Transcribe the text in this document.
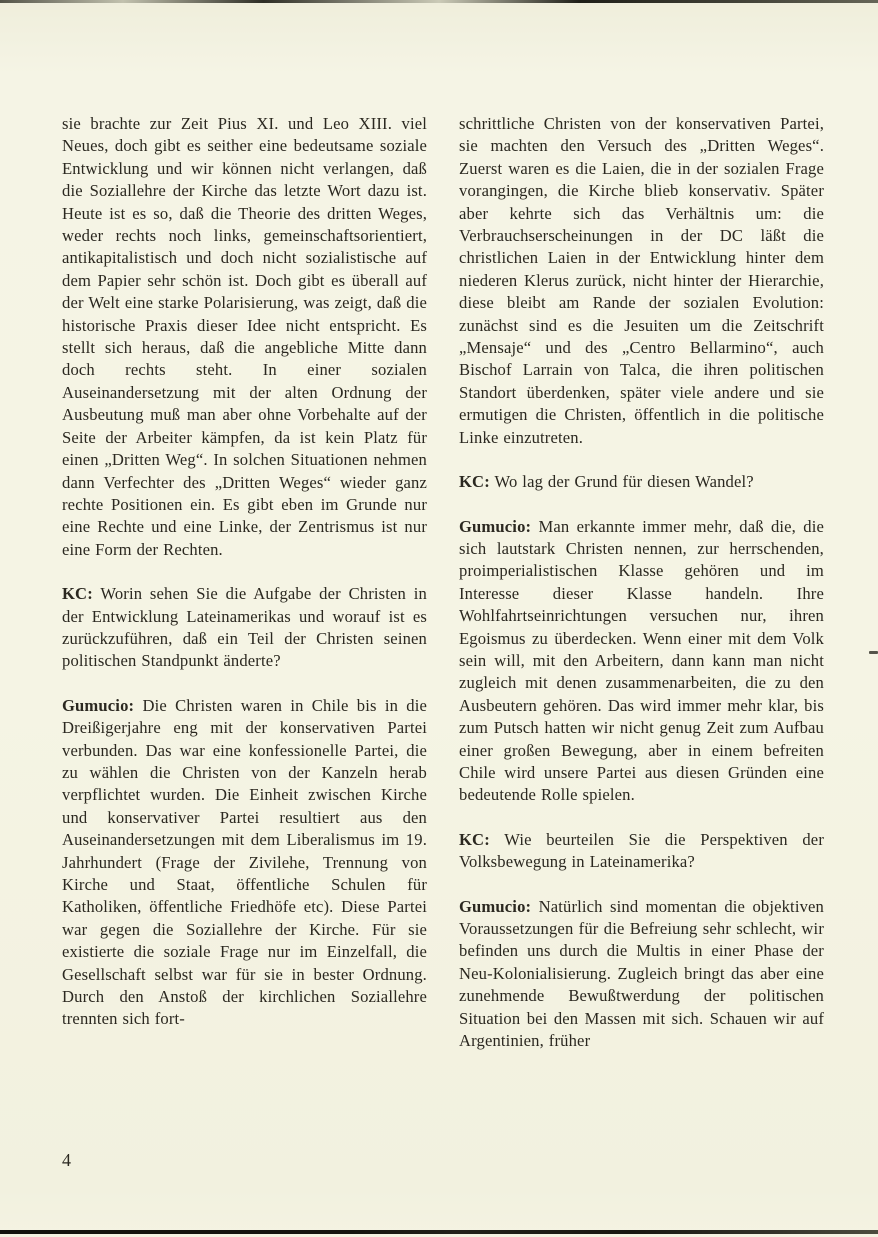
sie brachte zur Zeit Pius XI. und Leo XIII. viel Neues, doch gibt es seither eine bedeutsame soziale Entwicklung und wir können nicht verlangen, daß die Soziallehre der Kirche das letzte Wort dazu ist. Heute ist es so, daß die Theorie des dritten Weges, weder rechts noch links, gemeinschaftsorientiert, antikapitalistisch und doch nicht sozialistische auf dem Papier sehr schön ist. Doch gibt es überall auf der Welt eine starke Polarisierung, was zeigt, daß die historische Praxis dieser Idee nicht entspricht. Es stellt sich heraus, daß die angebliche Mitte dann doch rechts steht. In einer sozialen Auseinandersetzung mit der alten Ordnung der Ausbeutung muß man aber ohne Vorbehalte auf der Seite der Arbeiter kämpfen, da ist kein Platz für einen „Dritten Weg“. In solchen Situationen nehmen dann Verfechter des „Dritten Weges“ wieder ganz rechte Positionen ein. Es gibt eben im Grunde nur eine Rechte und eine Linke, der Zentrismus ist nur eine Form der Rechten.

KC: Worin sehen Sie die Aufgabe der Christen in der Entwicklung Lateinamerikas und worauf ist es zurückzuführen, daß ein Teil der Christen seinen politischen Standpunkt änderte?

Gumucio: Die Christen waren in Chile bis in die Dreißigerjahre eng mit der konservativen Partei verbunden. Das war eine konfessionelle Partei, die zu wählen die Christen von der Kanzeln herab verpflichtet wurden. Die Einheit zwischen Kirche und konservativer Partei resultiert aus den Auseinandersetzungen mit dem Liberalismus im 19. Jahrhundert (Frage der Zivilehe, Trennung von Kirche und Staat, öffentliche Schulen für Katholiken, öffentliche Friedhöfe etc). Diese Partei war gegen die Soziallehre der Kirche. Für sie existierte die soziale Frage nur im Einzelfall, die Gesellschaft selbst war für sie in bester Ordnung. Durch den Anstoß der kirchlichen Soziallehre trennten sich fort-

schrittliche Christen von der konservativen Partei, sie machten den Versuch des „Dritten Weges“. Zuerst waren es die Laien, die in der sozialen Frage vorangingen, die Kirche blieb konservativ. Später aber kehrte sich das Verhältnis um: die Verbrauchserscheinungen in der DC läßt die christlichen Laien in der Entwicklung hinter dem niederen Klerus zurück, nicht hinter der Hierarchie, diese bleibt am Rande der sozialen Evolution: zunächst sind es die Jesuiten um die Zeitschrift „Mensaje“ und des „Centro Bellarmino“, auch Bischof Larrain von Talca, die ihren politischen Standort überdenken, später viele andere und sie ermutigen die Christen, öffentlich in die politische Linke einzutreten.

KC: Wo lag der Grund für diesen Wandel?

Gumucio: Man erkannte immer mehr, daß die, die sich lautstark Christen nennen, zur herrschenden, proimperialistischen Klasse gehören und im Interesse dieser Klasse handeln. Ihre Wohlfahrtseinrichtungen versuchen nur, ihren Egoismus zu überdecken. Wenn einer mit dem Volk sein will, mit den Arbeitern, dann kann man nicht zugleich mit denen zusammenarbeiten, die zu den Ausbeutern gehören. Das wird immer mehr klar, bis zum Putsch hatten wir nicht genug Zeit zum Aufbau einer großen Bewegung, aber in einem befreiten Chile wird unsere Partei aus diesen Gründen eine bedeutende Rolle spielen.

KC: Wie beurteilen Sie die Perspektiven der Volksbewegung in Lateinamerika?

Gumucio: Natürlich sind momentan die objektiven Voraussetzungen für die Befreiung sehr schlecht, wir befinden uns durch die Multis in einer Phase der Neu-Kolonialisierung. Zugleich bringt das aber eine zunehmende Bewußtwerdung der politischen Situation bei den Massen mit sich. Schauen wir auf Argentinien, früher

4
